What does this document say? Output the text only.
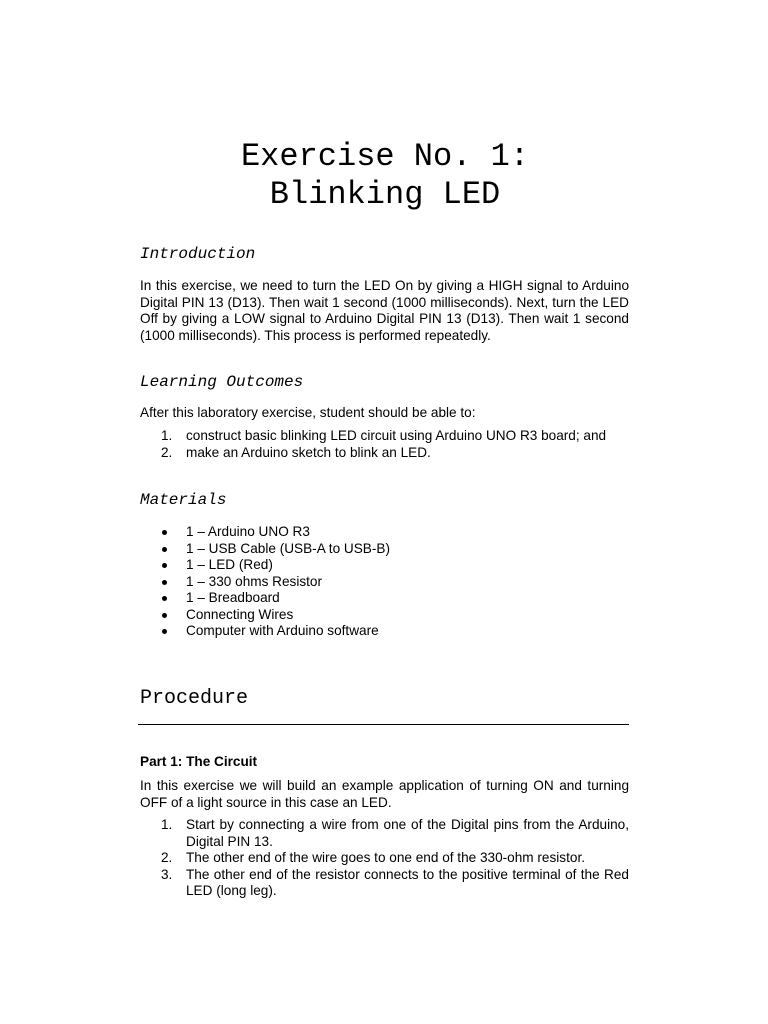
Exercise No. 1:
Blinking LED
Introduction

In this exercise, we need to turn the LED On by giving a HIGH signal to Arduino Digital PIN 13 (D13). Then wait 1 second (1000 milliseconds). Next, turn the LED Off by giving a LOW signal to Arduino Digital PIN 13 (D13). Then wait 1 second (1000 milliseconds). This process is performed repeatedly.

Learning Outcomes

After this laboratory exercise, student should be able to:

1. construct basic blinking LED circuit using Arduino UNO R3 board; and
2. make an Arduino sketch to blink an LED.
Materials
1 – Arduino UNO R3
1 – USB Cable (USB-A to USB-B)
1 – LED (Red)
1 – 330 ohms Resistor
1 – Breadboard
Connecting Wires
Computer with Arduino software
Procedure
Part 1: The Circuit

In this exercise we will build an example application of turning ON and turning OFF of a light source in this case an LED.

1. Start by connecting a wire from one of the Digital pins from the Arduino, Digital PIN 13.
2. The other end of the wire goes to one end of the 330-ohm resistor.
3. The other end of the resistor connects to the positive terminal of the Red LED (long leg).
